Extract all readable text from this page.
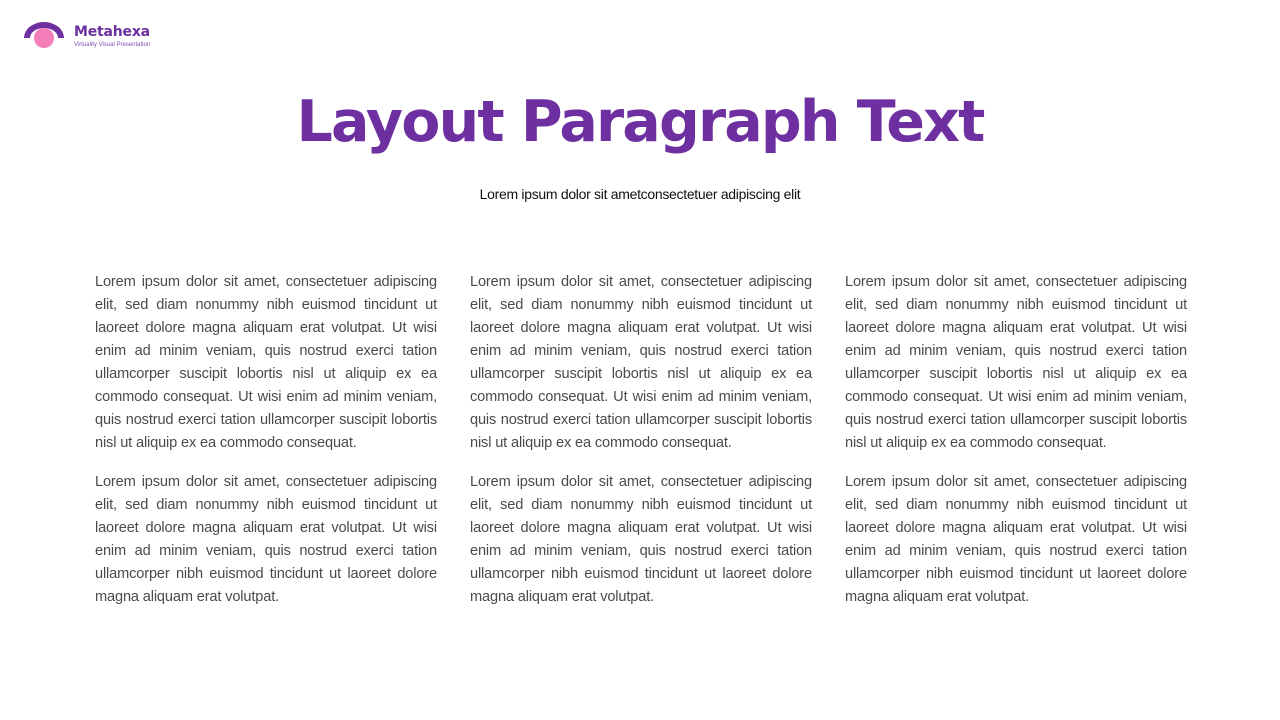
Metahexa
Virtuality Visual Presentation
Layout Paragraph Text
Lorem ipsum dolor sit ametconsectetuer adipiscing elit

Lorem ipsum dolor sit amet, consectetuer adipiscing elit, sed diam nonummy nibh euismod tincidunt ut laoreet dolore magna aliquam erat volutpat. Ut wisi enim ad minim veniam, quis nostrud exerci tation ullamcorper suscipit lobortis nisl ut aliquip ex ea commodo consequat. Ut wisi enim ad minim veniam, quis nostrud exerci tation ullamcorper suscipit lobortis nisl ut aliquip ex ea commodo consequat.

Lorem ipsum dolor sit amet, consectetuer adipiscing elit, sed diam nonummy nibh euismod tincidunt ut laoreet dolore magna aliquam erat volutpat. Ut wisi enim ad minim veniam, quis nostrud exerci tation ullamcorper nibh euismod tincidunt ut laoreet dolore magna aliquam erat volutpat.

Lorem ipsum dolor sit amet, consectetuer adipiscing elit, sed diam nonummy nibh euismod tincidunt ut laoreet dolore magna aliquam erat volutpat. Ut wisi enim ad minim veniam, quis nostrud exerci tation ullamcorper suscipit lobortis nisl ut aliquip ex ea commodo consequat. Ut wisi enim ad minim veniam, quis nostrud exerci tation ullamcorper suscipit lobortis nisl ut aliquip ex ea commodo consequat.

Lorem ipsum dolor sit amet, consectetuer adipiscing elit, sed diam nonummy nibh euismod tincidunt ut laoreet dolore magna aliquam erat volutpat. Ut wisi enim ad minim veniam, quis nostrud exerci tation ullamcorper nibh euismod tincidunt ut laoreet dolore magna aliquam erat volutpat.

Lorem ipsum dolor sit amet, consectetuer adipiscing elit, sed diam nonummy nibh euismod tincidunt ut laoreet dolore magna aliquam erat volutpat. Ut wisi enim ad minim veniam, quis nostrud exerci tation ullamcorper suscipit lobortis nisl ut aliquip ex ea commodo consequat. Ut wisi enim ad minim veniam, quis nostrud exerci tation ullamcorper suscipit lobortis nisl ut aliquip ex ea commodo consequat.

Lorem ipsum dolor sit amet, consectetuer adipiscing elit, sed diam nonummy nibh euismod tincidunt ut laoreet dolore magna aliquam erat volutpat. Ut wisi enim ad minim veniam, quis nostrud exerci tation ullamcorper nibh euismod tincidunt ut laoreet dolore magna aliquam erat volutpat.
